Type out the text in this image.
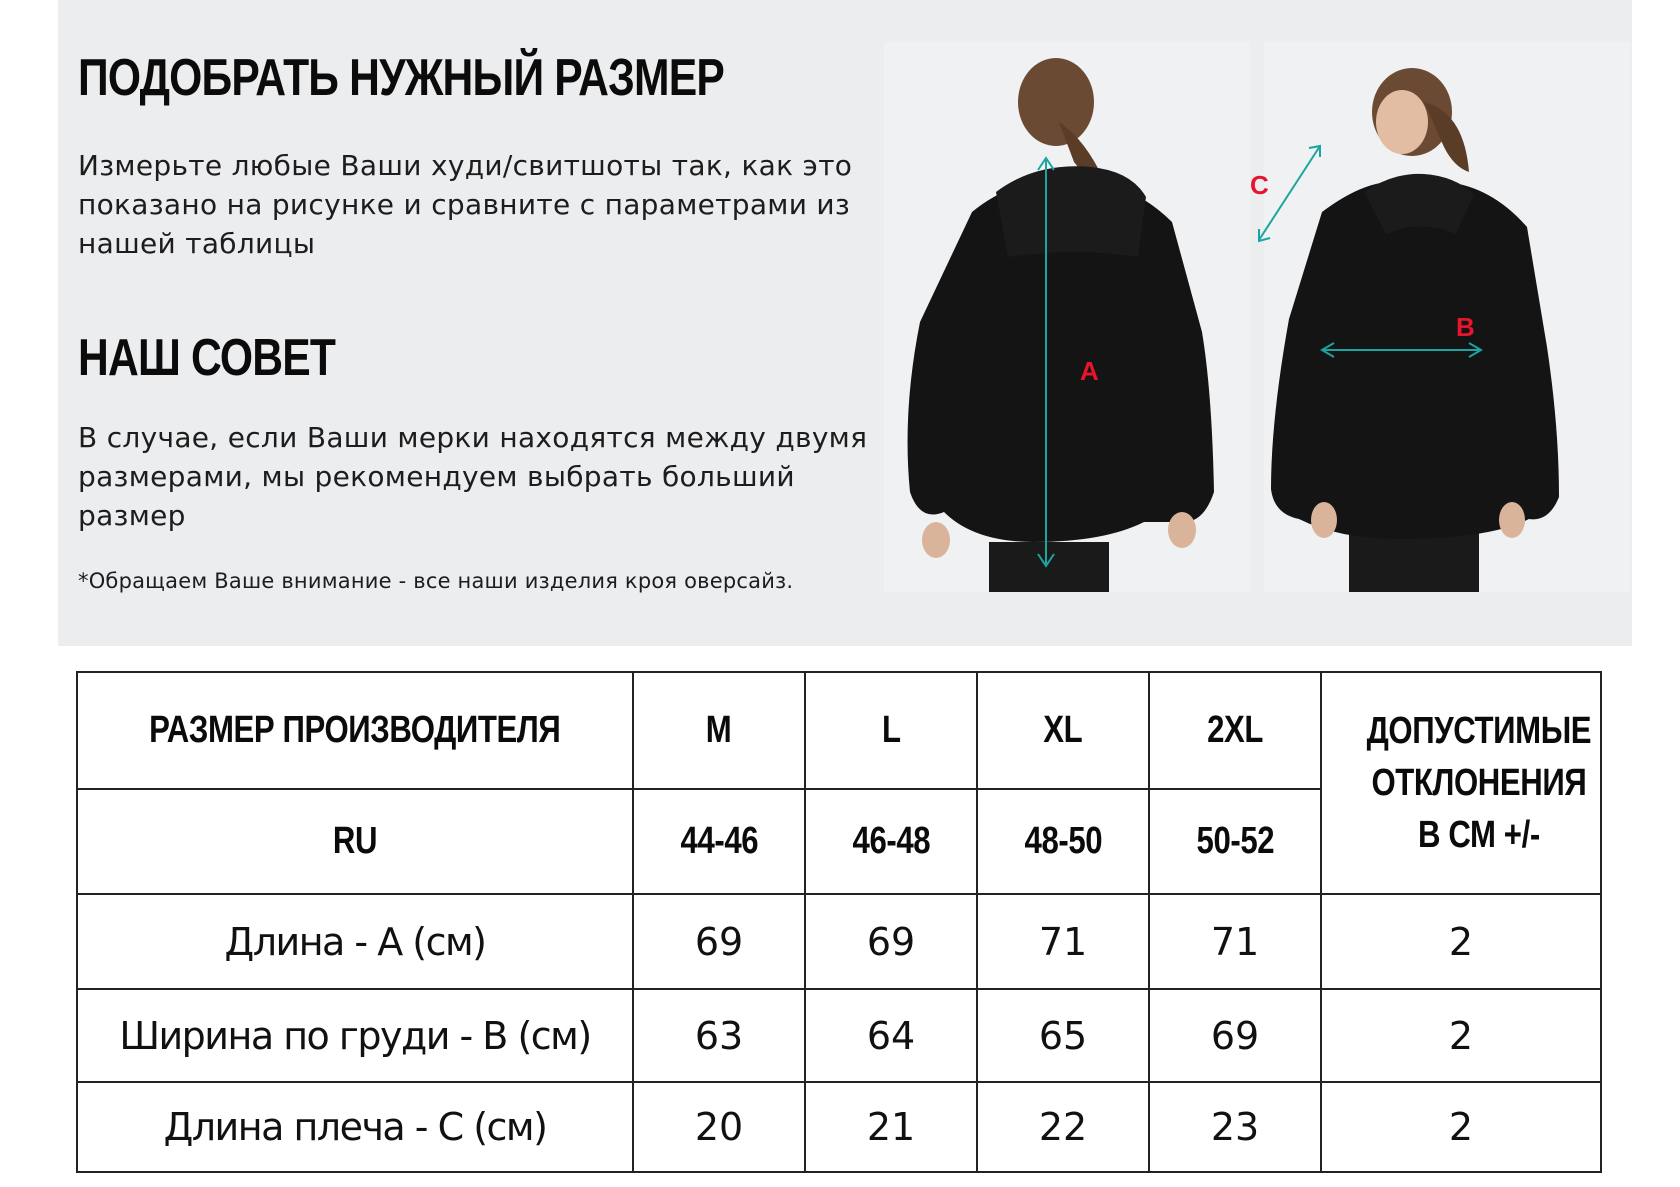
ПОДОБРАТЬ НУЖНЫЙ РАЗМЕР
Измерьте любые Ваши худи/свитшоты так, как это показано на рисунке и сравните с параметрами из нашей таблицы
НАШ СОВЕТ
В случае, если Ваши мерки находятся между двумя размерами, мы рекомендуем выбрать больший размер
*Обращаем Ваше внимание - все наши изделия кроя оверсайз.
A
C
B
РАЗМЕР ПРОИЗВОДИТЕЛЯ	M	L	XL	2XL	ДОПУСТИМЫЕ ОТКЛОНЕНИЯ В СМ +/-
RU	44-46	46-48	48-50	50-52	
Длина - A (см)	69	69	71	71	2
Ширина по груди - B (см)	63	64	65	69	2
Длина плеча - C (см)	20	21	22	23	2
